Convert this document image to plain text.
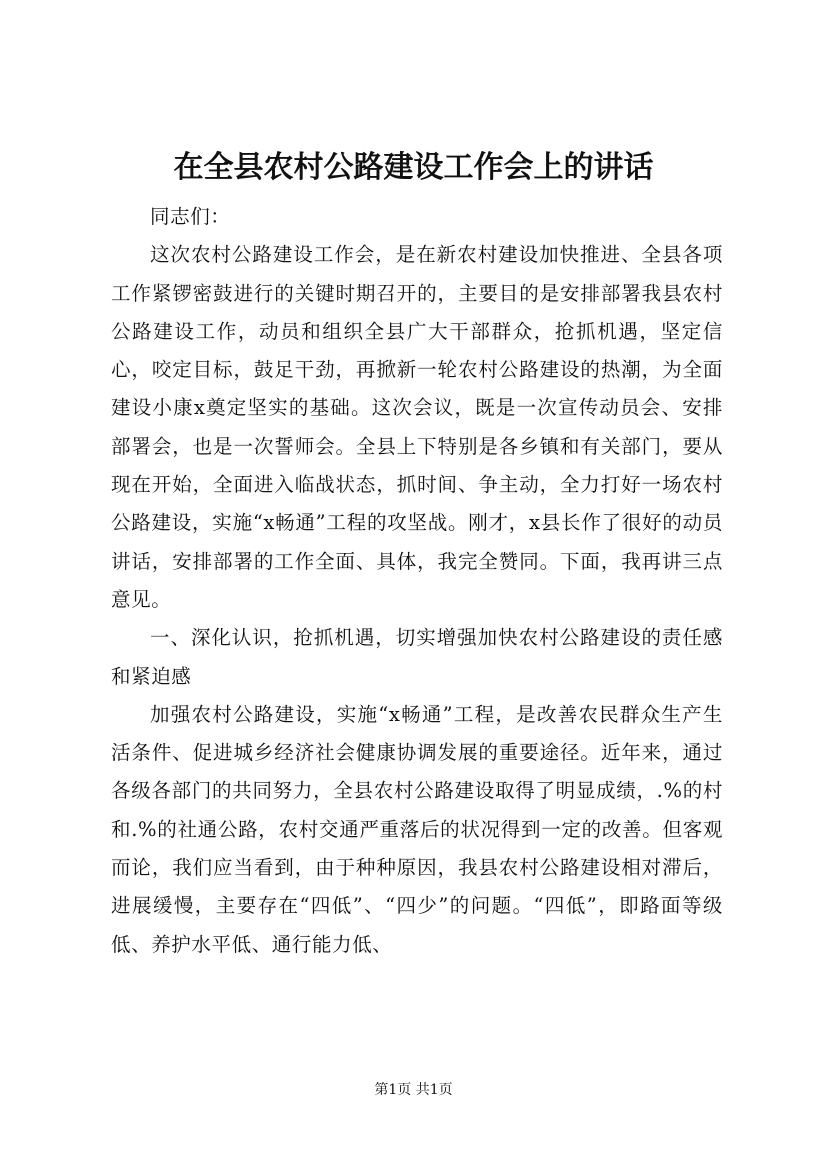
在全县农村公路建设工作会上的讲话

同志们：

这次农村公路建设工作会，是在新农村建设加快推进、全县各项工作紧锣密鼓进行的关键时期召开的，主要目的是安排部署我县农村公路建设工作，动员和组织全县广大干部群众，抢抓机遇，坚定信心，咬定目标，鼓足干劲，再掀新一轮农村公路建设的热潮，为全面建设小康x奠定坚实的基础。这次会议，既是一次宣传动员会、安排部署会，也是一次誓师会。全县上下特别是各乡镇和有关部门，要从现在开始，全面进入临战状态，抓时间、争主动，全力打好一场农村公路建设，实施“x畅通”工程的攻坚战。刚才，x县长作了很好的动员讲话，安排部署的工作全面、具体，我完全赞同。下面，我再讲三点意见。

一、深化认识，抢抓机遇，切实增强加快农村公路建设的责任感和紧迫感

加强农村公路建设，实施“x畅通”工程，是改善农民群众生产生活条件、促进城乡经济社会健康协调发展的重要途径。近年来，通过各级各部门的共同努力，全县农村公路建设取得了明显成绩，.%的村和.%的社通公路，农村交通严重落后的状况得到一定的改善。但客观而论，我们应当看到，由于种种原因，我县农村公路建设相对滞后，进展缓慢，主要存在“四低”、“四少”的问题。“四低”，即路面等级低、养护水平低、通行能力低、

第1页 共1页
